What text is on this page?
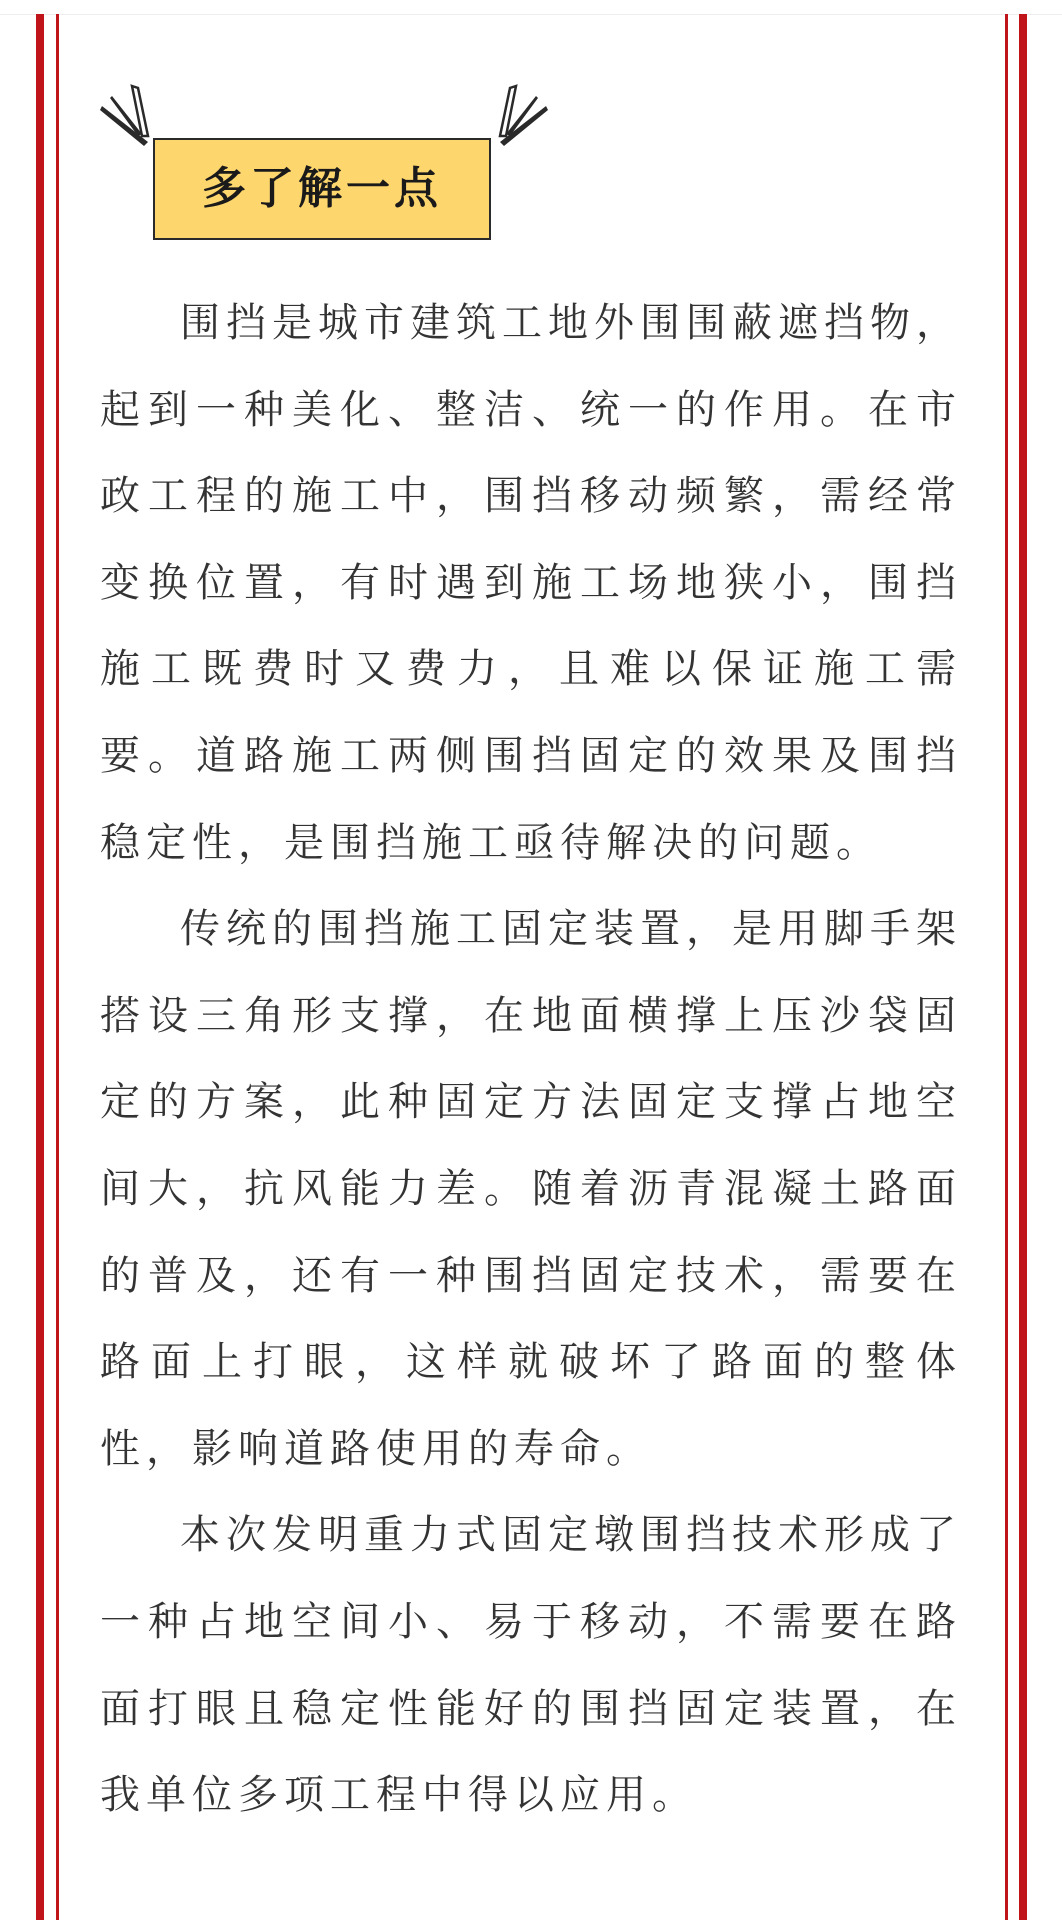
多了解一点

围挡是城市建筑工地外围围蔽遮挡物，起到一种美化、整洁、统一的作用。在市政工程的施工中，围挡移动频繁，需经常变换位置，有时遇到施工场地狭小，围挡施工既费时又费力，且难以保证施工需要。道路施工两侧围挡固定的效果及围挡稳定性，是围挡施工亟待解决的问题。

传统的围挡施工固定装置，是用脚手架搭设三角形支撑，在地面横撑上压沙袋固定的方案，此种固定方法固定支撑占地空间大，抗风能力差。随着沥青混凝土路面的普及，还有一种围挡固定技术，需要在路面上打眼，这样就破坏了路面的整体性，影响道路使用的寿命。

本次发明重力式固定墩围挡技术形成了一种占地空间小、易于移动，不需要在路面打眼且稳定性能好的围挡固定装置，在我单位多项工程中得以应用。
